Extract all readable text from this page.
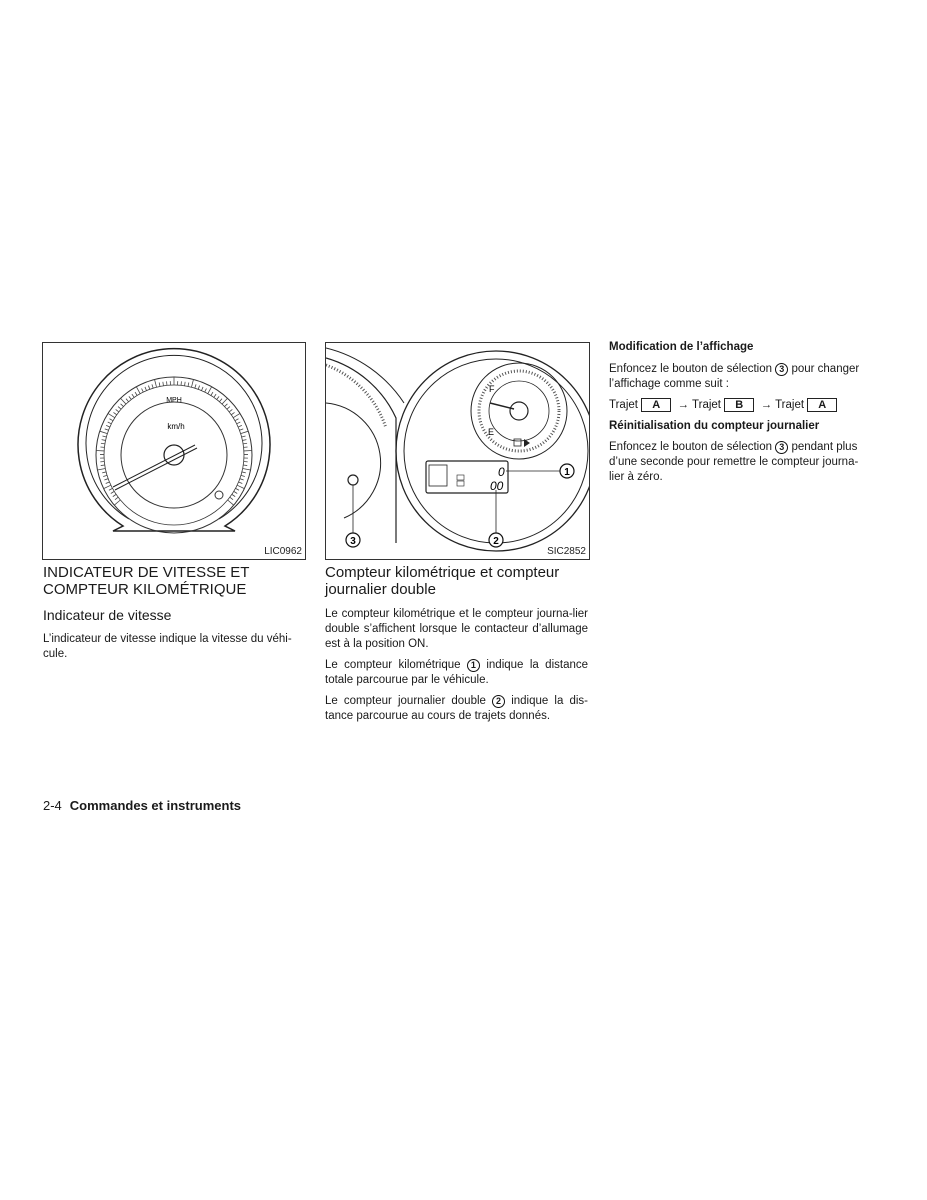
MPH
km/h
LIC0962
F
E
0
00
1
2
3
SIC2852
INDICATEUR DE VITESSE ET
COMPTEUR KILOMÉTRIQUE
Indicateur de vitesse

L’indicateur de vitesse indique la vitesse du véhi-
cule.

Compteur kilométrique et compteur
journalier double

Le compteur kilométrique et le compteur journa-lier double s’affichent lorsque le contacteur d’allumage est à la position ON.

Le compteur kilométrique 1 indique la distance totale parcourue par le véhicule.

Le compteur journalier double 2 indique la dis-tance parcourue au cours de trajets donnés.

Modification de l’affichage

Enfoncez le bouton de sélection 3 pour changer l’affichage comme suit :

Trajet A → Trajet B → Trajet A

Réinitialisation du compteur journalier

Enfoncez le bouton de sélection 3 pendant plus d’une seconde pour remettre le compteur journa-lier à zéro.

2-4 Commandes et instruments
